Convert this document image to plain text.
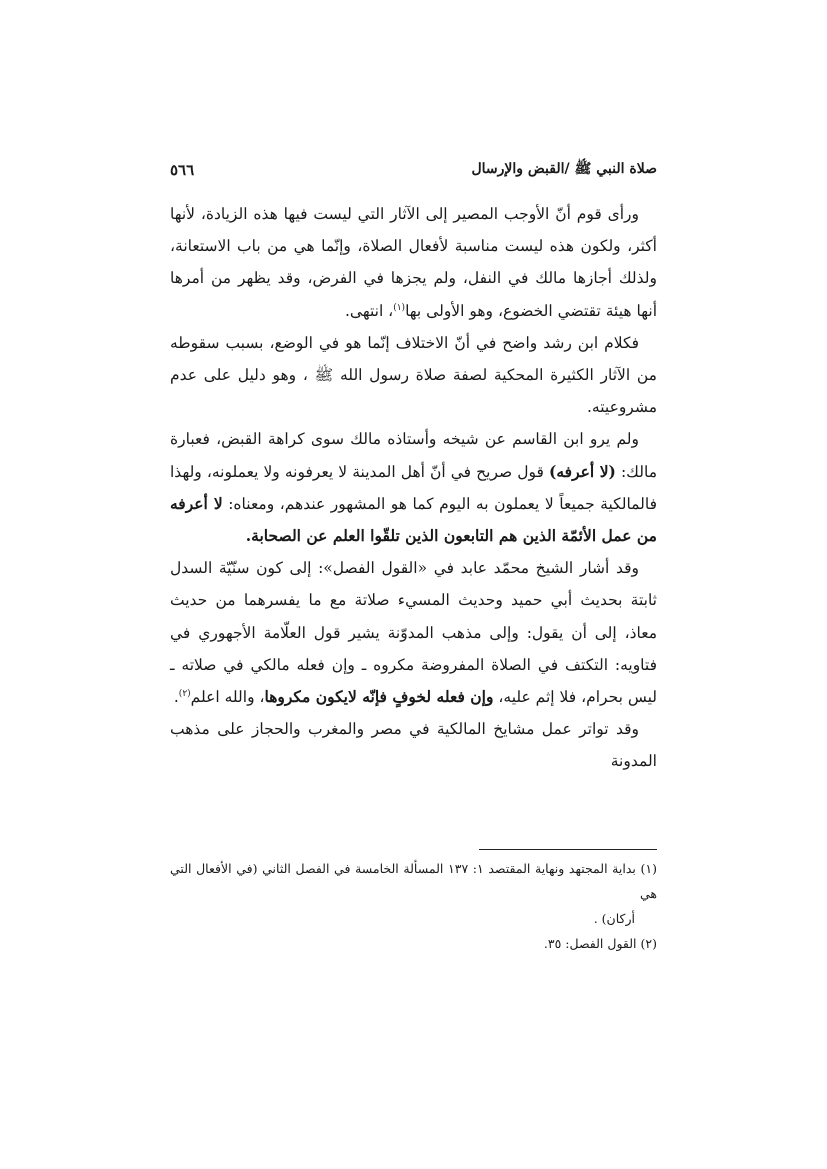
٥٦٦	صلاة النبي ﷺ /القبض والإرسال

ورأى قوم أنّ الأوجب المصير إلى الآثار التي ليست فيها هذه الزيادة، لأنها أكثر، ولكون هذه ليست مناسبة لأفعال الصلاة، وإنّما هي من باب الاستعانة، ولذلك أجازها مالك في النفل، ولم يجزها في الفرض، وقد يظهر من أمرها أنها هيئة تقتضي الخضوع، وهو الأولى بها$^{(١)}$، انتهى.

فكلام ابن رشد واضح في أنّ الاختلاف إنّما هو في الوضع، بسبب سقوطه من الآثار الكثيرة المحكية لصفة صلاة رسول الله ﷺ ، وهو دليل على عدم مشروعيته.

ولم يرو ابن القاسم عن شيخه وأستاذه مالك سوى كراهة القبض، فعبارة مالك: (لا أعرفه) قول صريح في أنّ أهل المدينة لا يعرفونه ولا يعملونه، ولهذا فالمالكية جميعاً لا يعملون به اليوم كما هو المشهور عندهم، ومعناه: لا أعرفه من عمل الأئمّة الذين هم التابعون الذين تلقّوا العلم عن الصحابة.

وقد أشار الشيخ محمّد عابد في «القول الفصل»: إلى كون سنّيّة السدل ثابتة بحديث أبي حميد وحديث المسيء صلاتة مع ما يفسرهما من حديث معاذ، إلى أن يقول: وإلى مذهب المدوّنة يشير قول العلّامة الأجهوري في فتاويه: التكتف في الصلاة المفروضة مكروه ـ وإن فعله مالكي في صلاته ـ ليس بحرام، فلا إثم عليه، وإن فعله لخوفٍ فإنّه لايكون مكروها، والله اعلم$^{(٢)}$.

وقد تواتر عمل مشايخ المالكية في مصر والمغرب والحجاز على مذهب المدونة

(١) بداية المجتهد ونهاية المقتصد ١: ١٣٧ المسألة الخامسة في الفصل الثاني (في الأفعال التي هي

أركان) .

(٢) القول الفصل: ٣٥.
